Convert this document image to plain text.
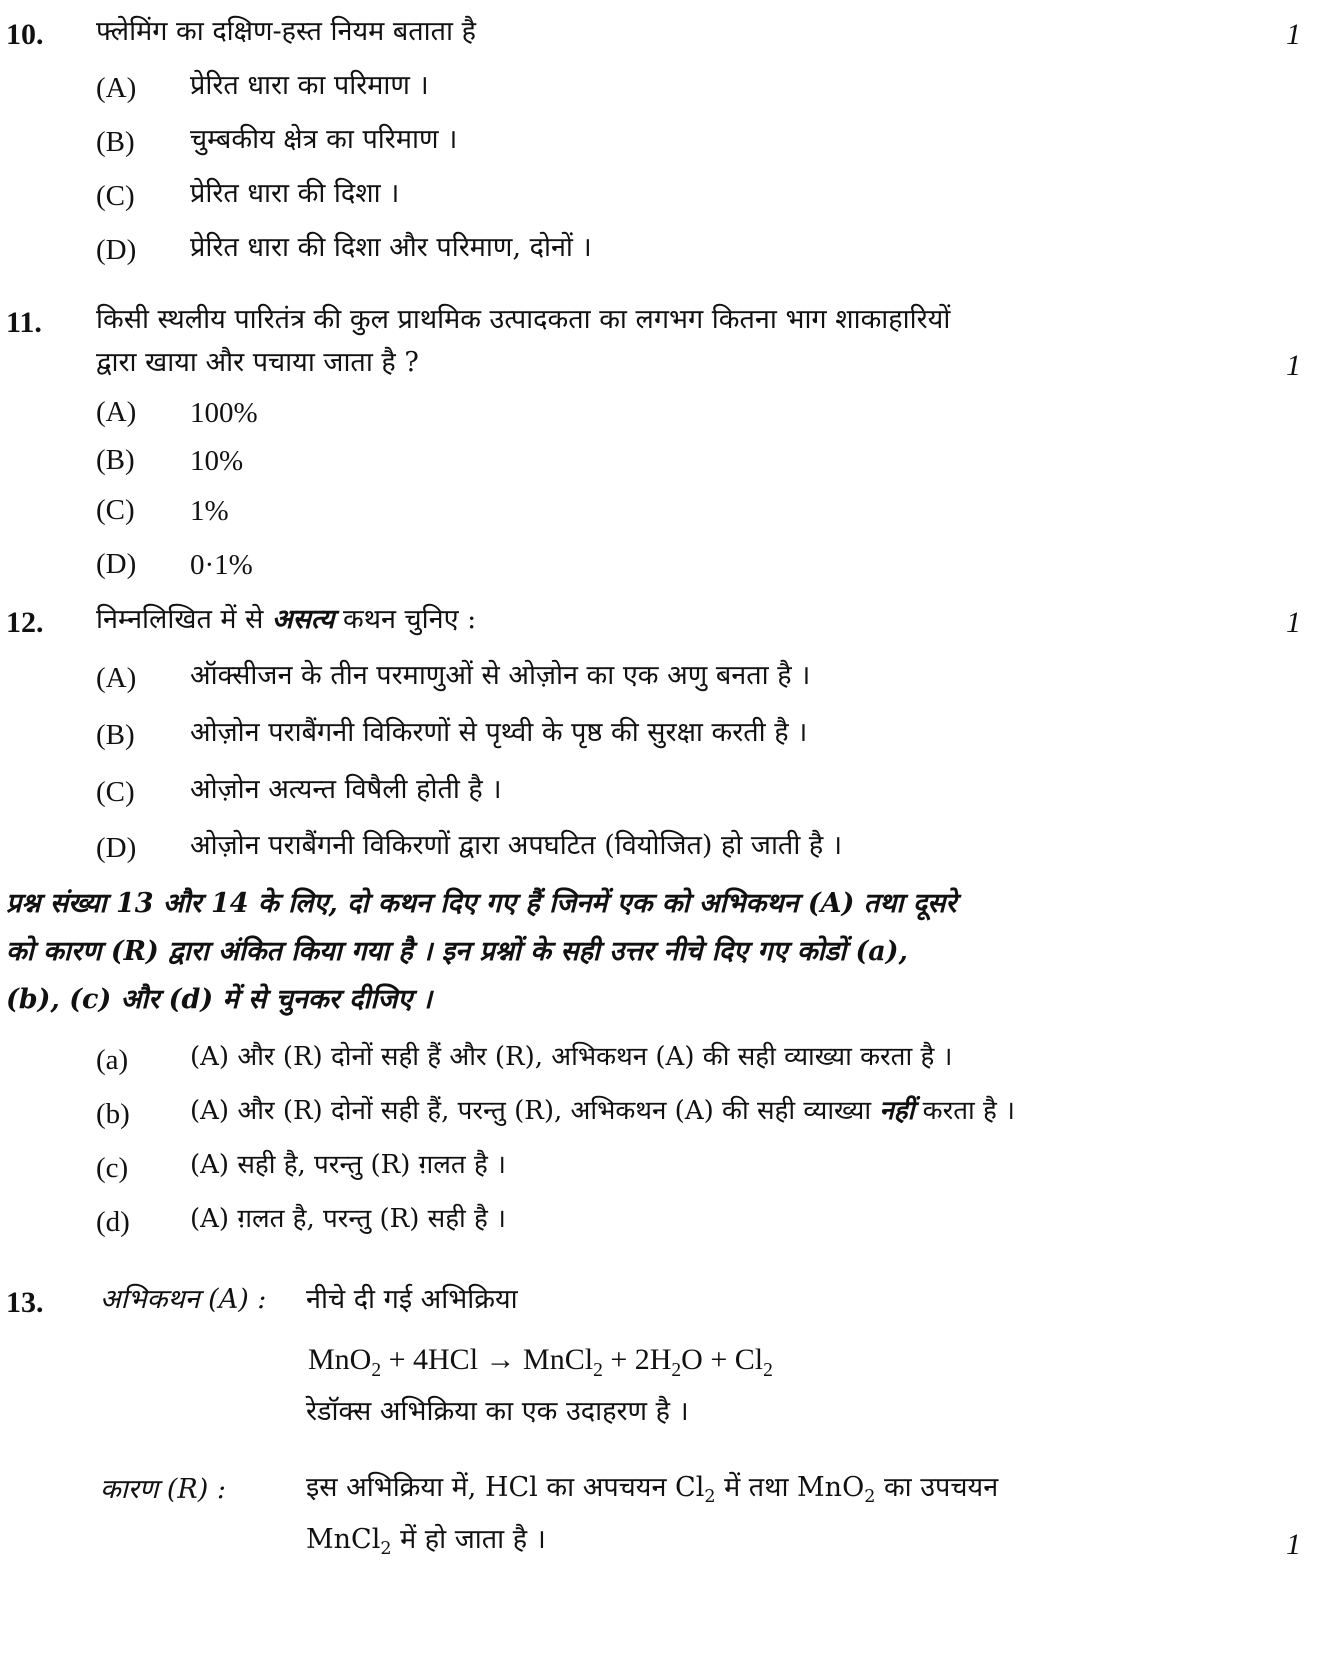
10. फ्लेमिंग का दक्षिण-हस्त नियम बताता है	1
(A) प्रेरित धारा का परिमाण ।
(B) चुम्बकीय क्षेत्र का परिमाण ।
(C) प्रेरित धारा की दिशा ।
(D) प्रेरित धारा की दिशा और परिमाण, दोनों ।
11. किसी स्थलीय पारितंत्र की कुल प्राथमिक उत्पादकता का लगभग कितना भाग शाकाहारियों
द्वारा खाया और पचाया जाता है ?	1
(A) 100%
(B) 10%
(C) 1%
(D) 0·1%
12. निम्नलिखित में से असत्य कथन चुनिए :	1
(A) ऑक्सीजन के तीन परमाणुओं से ओज़ोन का एक अणु बनता है ।
(B) ओज़ोन पराबैंगनी विकिरणों से पृथ्वी के पृष्ठ की सुरक्षा करती है ।
(C) ओज़ोन अत्यन्त विषैली होती है ।
(D) ओज़ोन पराबैंगनी विकिरणों द्वारा अपघटित (वियोजित) हो जाती है ।
प्रश्न संख्या 13 और 14 के लिए, दो कथन दिए गए हैं जिनमें एक को अभिकथन (A) तथा दूसरे
को कारण (R) द्वारा अंकित किया गया है । इन प्रश्नों के सही उत्तर नीचे दिए गए कोडों (a),
(b), (c) और (d) में से चुनकर दीजिए ।
(a) (A) और (R) दोनों सही हैं और (R), अभिकथन (A) की सही व्याख्या करता है ।
(b) (A) और (R) दोनों सही हैं, परन्तु (R), अभिकथन (A) की सही व्याख्या नहीं करता है ।
(c) (A) सही है, परन्तु (R) ग़लत है ।
(d) (A) ग़लत है, परन्तु (R) सही है ।
13. अभिकथन (A) : नीचे दी गई अभिक्रिया
MnO$_2$ + 4HCl → MnCl$_2$ + $2H_2O + Cl_2$
रेडॉक्स अभिक्रिया का एक उदाहरण है ।
कारण (R) :	इस अभिक्रिया में, HCl का अपचयन $Cl_2$ में तथा MnO$_2$ का उपचयन
MnCl$_2$ में हो जाता है ।	1
